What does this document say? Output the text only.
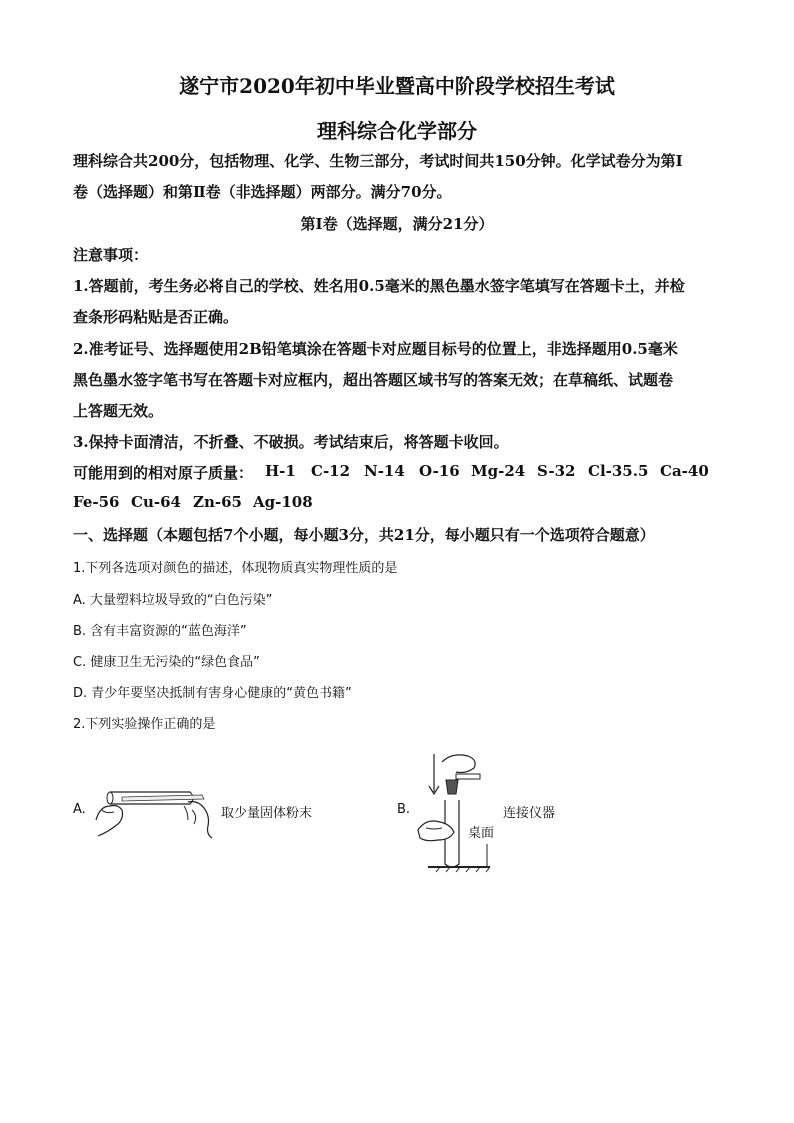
遂宁市2020年初中毕业暨高中阶段学校招生考试
理科综合化学部分
理科综合共200分，包括物理、化学、生物三部分，考试时间共150分钟。化学试卷分为第Ⅰ
卷（选择题）和第Ⅱ卷（非选择题）两部分。满分70分。
第Ⅰ卷（选择题，满分21分）
注意事项：
1.答题前，考生务必将自己的学校、姓名用0.5毫米的黑色墨水签字笔填写在答题卡土，并检
查条形码粘贴是否正确。
2.准考证号、选择题使用2B铅笔填涂在答题卡对应题目标号的位置上，非选择题用0.5毫米
黑色墨水签字笔书写在答题卡对应框内，超出答题区域书写的答案无效；在草稿纸、试题卷
上答题无效。
3.保持卡面清洁，不折叠、不破损。考试结束后，将答题卡收回。
可能用到的相对原子质量： H-1 C-12 N-14 O-16 Mg-24 S-32 Cl-35.5 Ca-40
Fe-56 Cu-64 Zn-65 Ag-108
一、选择题（本题包括7个小题，每小题3分，共21分，每小题只有一个选项符合题意）
1.下列各选项对颜色的描述，体现物质真实物理性质的是
A. 大量塑料垃圾导致的“白色污染”
B. 含有丰富资源的“蓝色海洋”
C. 健康卫生无污染的“绿色食品”
D. 青少年要坚决抵制有害身心健康的“黄色书籍”
2.下列实验操作正确的是
A.	取少量固体粉末	B.
桌面
连接仪器
